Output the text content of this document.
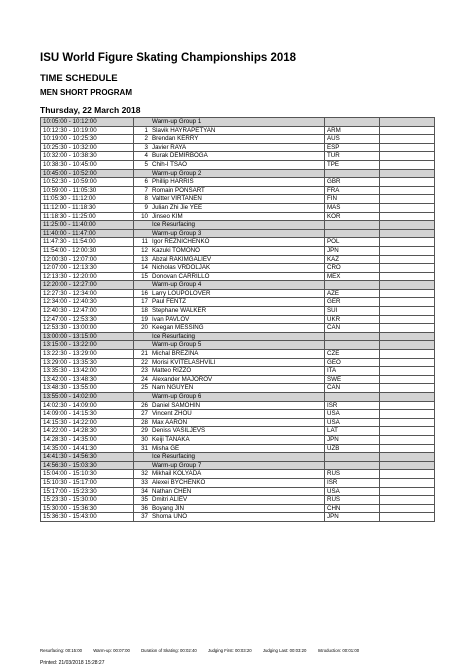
ISU World Figure Skating Championships 2018
TIME SCHEDULE
MEN SHORT PROGRAM
Thursday, 22 March 2018
10:05:00 - 10:12:00		Warm-up Group 1		
10:12:30 - 10:19:00	1	Slavik HAYRAPETYAN	ARM	
10:19:00 - 10:25:30	2	Brendan KERRY	AUS	
10:25:30 - 10:32:00	3	Javier RAYA	ESP	
10:32:00 - 10:38:30	4	Burak DEMIRBOGA	TUR	
10:38:30 - 10:45:00	5	Chih-I TSAO	TPE	
10:45:00 - 10:52:00		Warm-up Group 2		
10:52:30 - 10:59:00	6	Phillip HARRIS	GBR	
10:59:00 - 11:05:30	7	Romain PONSART	FRA	
11:05:30 - 11:12:00	8	Valtter VIRTANEN	FIN	
11:12:00 - 11:18:30	9	Julian Zhi Jie YEE	MAS	
11:18:30 - 11:25:00	10	Jinseo KIM	KOR	
11:25:00 - 11:40:00		Ice Resurfacing		
11:40:00 - 11:47:00		Warm-up Group 3		
11:47:30 - 11:54:00	11	Igor REZNICHENKO	POL	
11:54:00 - 12:00:30	12	Kazuki TOMONO	JPN	
12:00:30 - 12:07:00	13	Abzal RAKIMGALIEV	KAZ	
12:07:00 - 12:13:30	14	Nicholas VRDOLJAK	CRO	
12:13:30 - 12:20:00	15	Donovan CARRILLO	MEX	
12:20:00 - 12:27:00		Warm-up Group 4		
12:27:30 - 12:34:00	16	Larry LOUPOLOVER	AZE	
12:34:00 - 12:40:30	17	Paul FENTZ	GER	
12:40:30 - 12:47:00	18	Stephane WALKER	SUI	
12:47:00 - 12:53:30	19	Ivan PAVLOV	UKR	
12:53:30 - 13:00:00	20	Keegan MESSING	CAN	
13:00:00 - 13:15:00		Ice Resurfacing		
13:15:00 - 13:22:00		Warm-up Group 5		
13:22:30 - 13:29:00	21	Michal BREZINA	CZE	
13:29:00 - 13:35:30	22	Morisi KVITELASHVILI	GEO	
13:35:30 - 13:42:00	23	Matteo RIZZO	ITA	
13:42:00 - 13:48:30	24	Alexander MAJOROV	SWE	
13:48:30 - 13:55:00	25	Nam NGUYEN	CAN	
13:55:00 - 14:02:00		Warm-up Group 6		
14:02:30 - 14:09:00	26	Daniel SAMOHIN	ISR	
14:09:00 - 14:15:30	27	Vincent ZHOU	USA	
14:15:30 - 14:22:00	28	Max AARON	USA	
14:22:00 - 14:28:30	29	Deniss VASILJEVS	LAT	
14:28:30 - 14:35:00	30	Keiji TANAKA	JPN	
14:35:00 - 14:41:30	31	Misha GE	UZB	
14:41:30 - 14:56:30		Ice Resurfacing		
14:56:30 - 15:03:30		Warm-up Group 7		
15:04:00 - 15:10:30	32	Mikhail KOLYADA	RUS	
15:10:30 - 15:17:00	33	Alexei BYCHENKO	ISR	
15:17:00 - 15:23:30	34	Nathan CHEN	USA	
15:23:30 - 15:30:00	35	Dmitri ALIEV	RUS	
15:30:00 - 15:36:30	36	Boyang JIN	CHN	
15:36:30 - 15:43:00	37	Shoma UNO	JPN	
Resurfacing: 00:15:00	Warm-up: 00:07:00	Duration of Skating: 00:02:40	Judging First: 00:03:20	Judging Last: 00:03:20	Introduction: 00:01:00
Printed: 21/03/2018 15:28:27
